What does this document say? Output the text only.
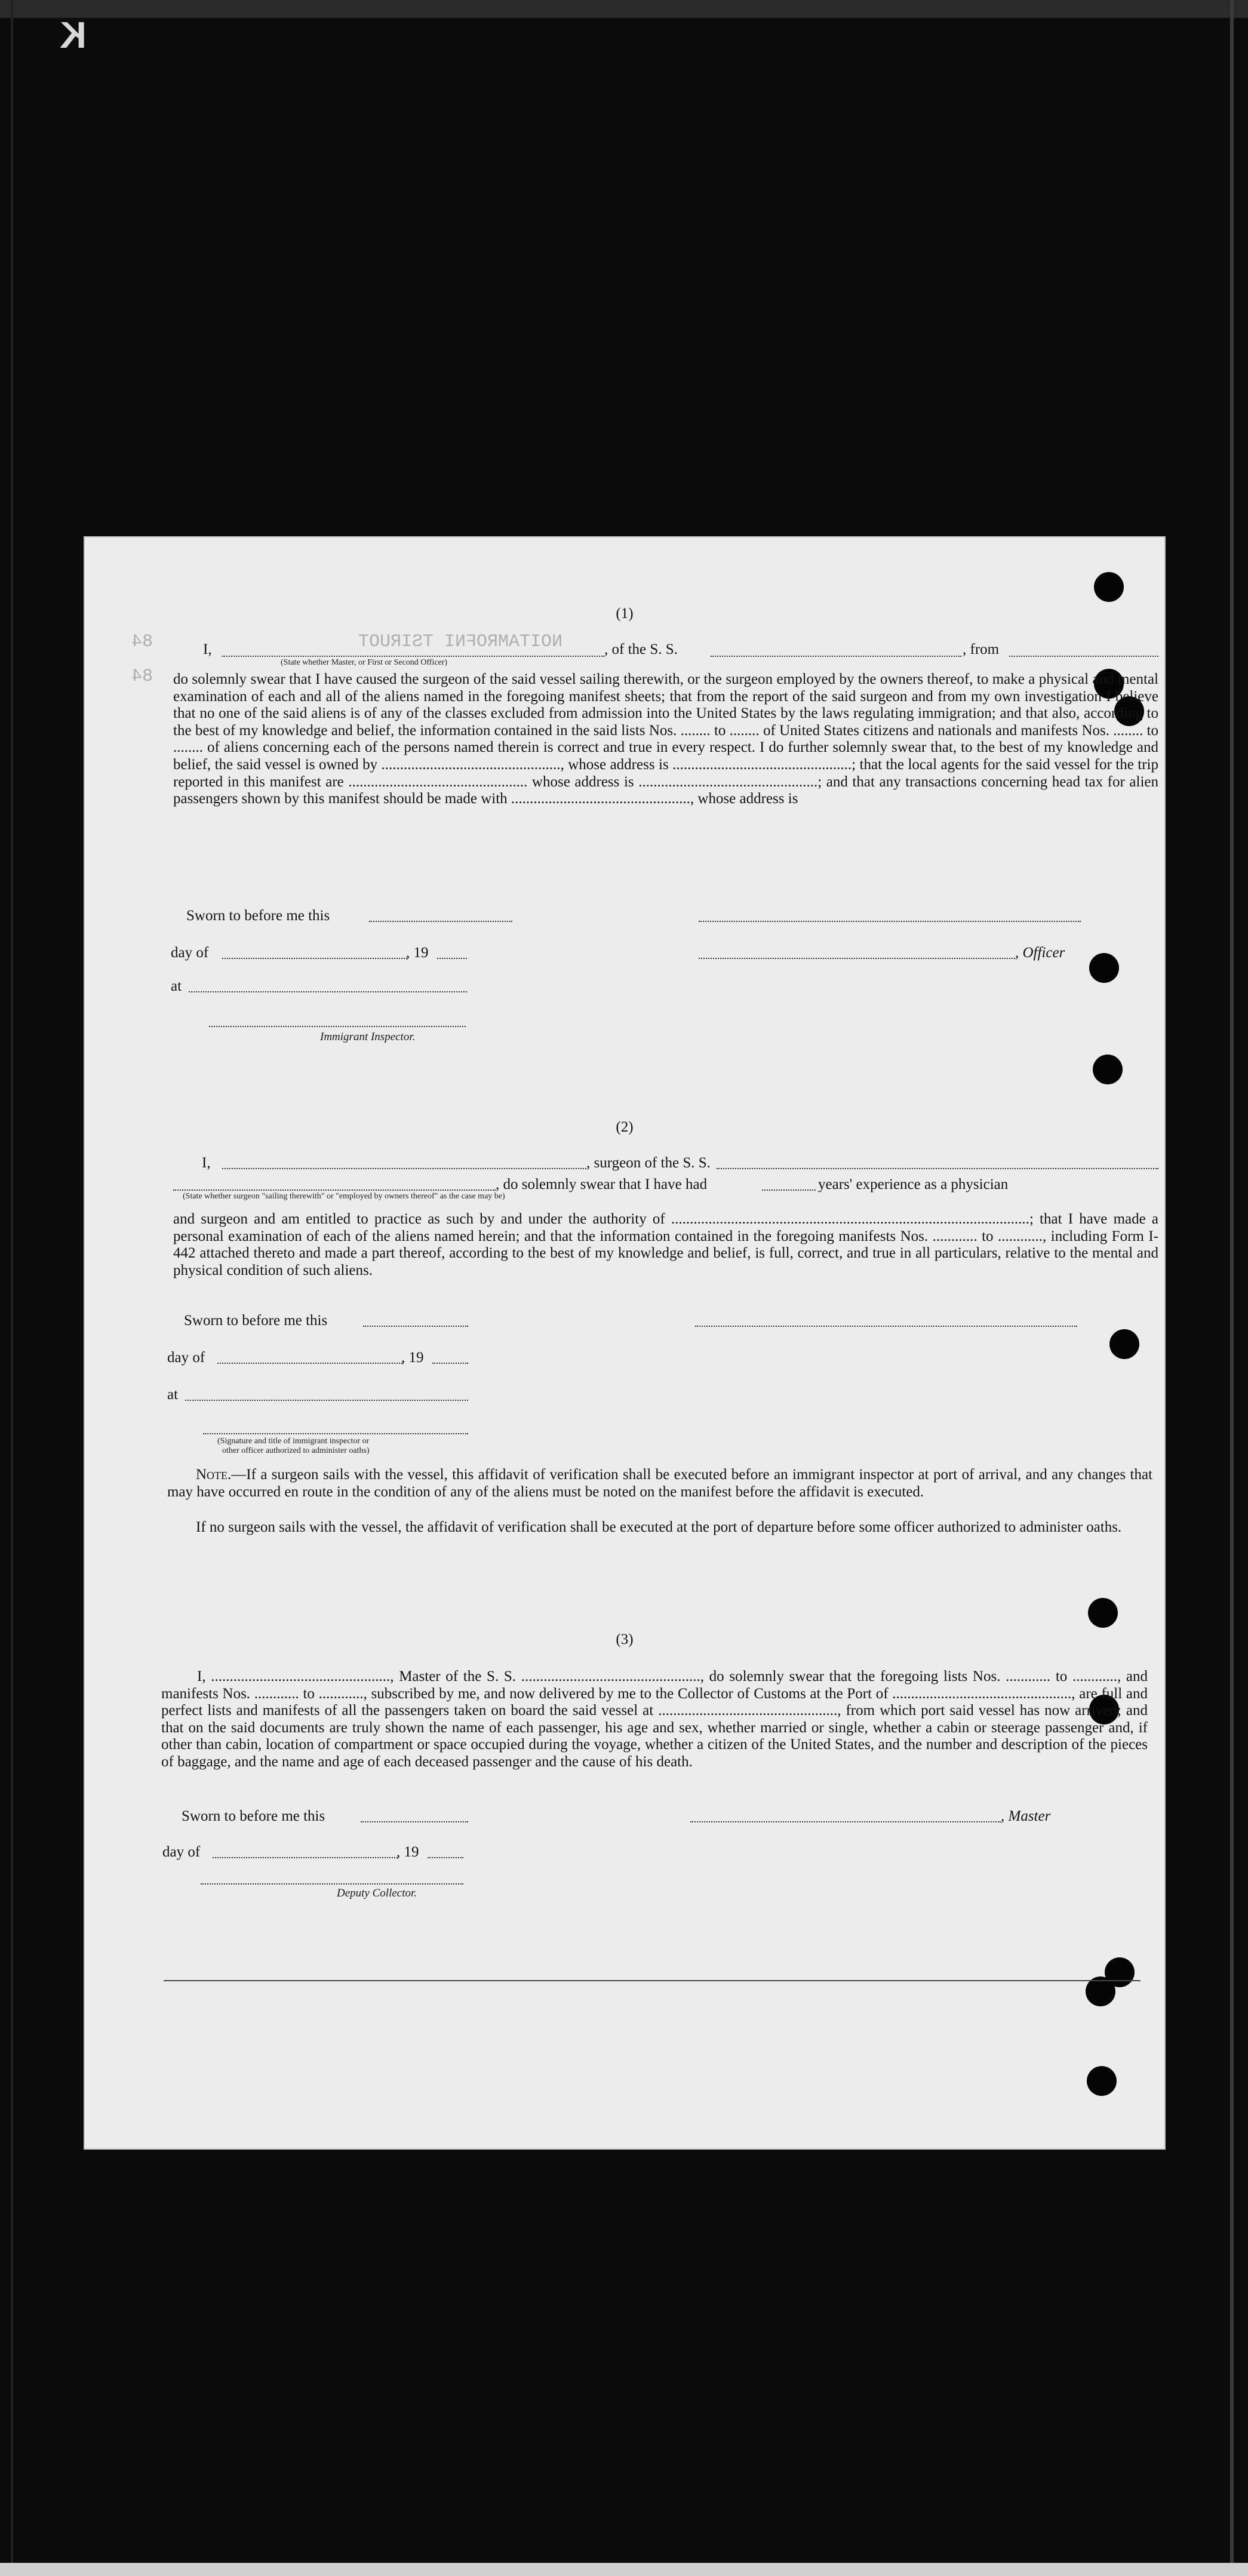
K
NOITAMROFNI TSIRUOT
84
84
(1)
I,	, of the S. S.	, from
(State whether Master, or First or Second Officer)
do solemnly swear that I have caused the surgeon of the said vessel sailing therewith, or the surgeon employed by the owners thereof, to make a physical and mental examination of each and all of the aliens named in the foregoing manifest sheets; that from the report of the said surgeon and from my own investigation I believe that no one of the said aliens is of any of the classes excluded from admission into the United States by the laws regulating immigration; and that also, according to the best of my knowledge and belief, the information contained in the said lists Nos. ........ to ........ of United States citizens and nationals and manifests Nos. ........ to ........ of aliens concerning each of the persons named therein is correct and true in every respect. I do further solemnly swear that, to the best of my knowledge and belief, the said vessel is owned by ................................................, whose address is ................................................; that the local agents for the said vessel for the trip reported in this manifest are ................................................ whose address is ................................................; and that any transactions concerning head tax for alien passengers shown by this manifest should be made with ................................................, whose address is
Sworn to before me this
day of	, 19	, Officer
at
Immigrant Inspector.
(2)
I,	, surgeon of the S. S.
, do solemnly swear that I have had	years' experience as a physician
(State whether surgeon "sailing therewith" or "employed by owners thereof" as the case may be)
and surgeon and am entitled to practice as such by and under the authority of ................................................................................................; that I have made a personal examination of each of the aliens named herein; and that the information contained in the foregoing manifests Nos. ............ to ............, including Form I- 442 attached thereto and made a part thereof, according to the best of my knowledge and belief, is full, correct, and true in all particulars, relative to the mental and physical condition of such aliens.
Sworn to before me this
day of	, 19
at
(Signature and title of immigrant inspector or
other officer authorized to administer oaths)
Note.—If a surgeon sails with the vessel, this affidavit of verification shall be executed before an immigrant inspector at port of arrival, and any changes that may have occurred en route in the condition of any of the aliens must be noted on the manifest before the affidavit is executed.
If no surgeon sails with the vessel, the affidavit of verification shall be executed at the port of departure before some officer authorized to administer oaths.
(3)
I, ................................................, Master of the S. S. ................................................, do solemnly swear that the foregoing lists Nos. ............ to ............, and manifests Nos. ............ to ............, subscribed by me, and now delivered by me to the Collector of Customs at the Port of ................................................, are full and perfect lists and manifests of all the passengers taken on board the said vessel at ................................................, from which port said vessel has now arrived; and that on the said documents are truly shown the name of each passenger, his age and sex, whether married or single, whether a cabin or steerage passenger and, if other than cabin, location of compartment or space occupied during the voyage, whether a citizen of the United States, and the number and description of the pieces of baggage, and the name and age of each deceased passenger and the cause of his death.
Sworn to before me this	, Master
day of	, 19
Deputy Collector.
